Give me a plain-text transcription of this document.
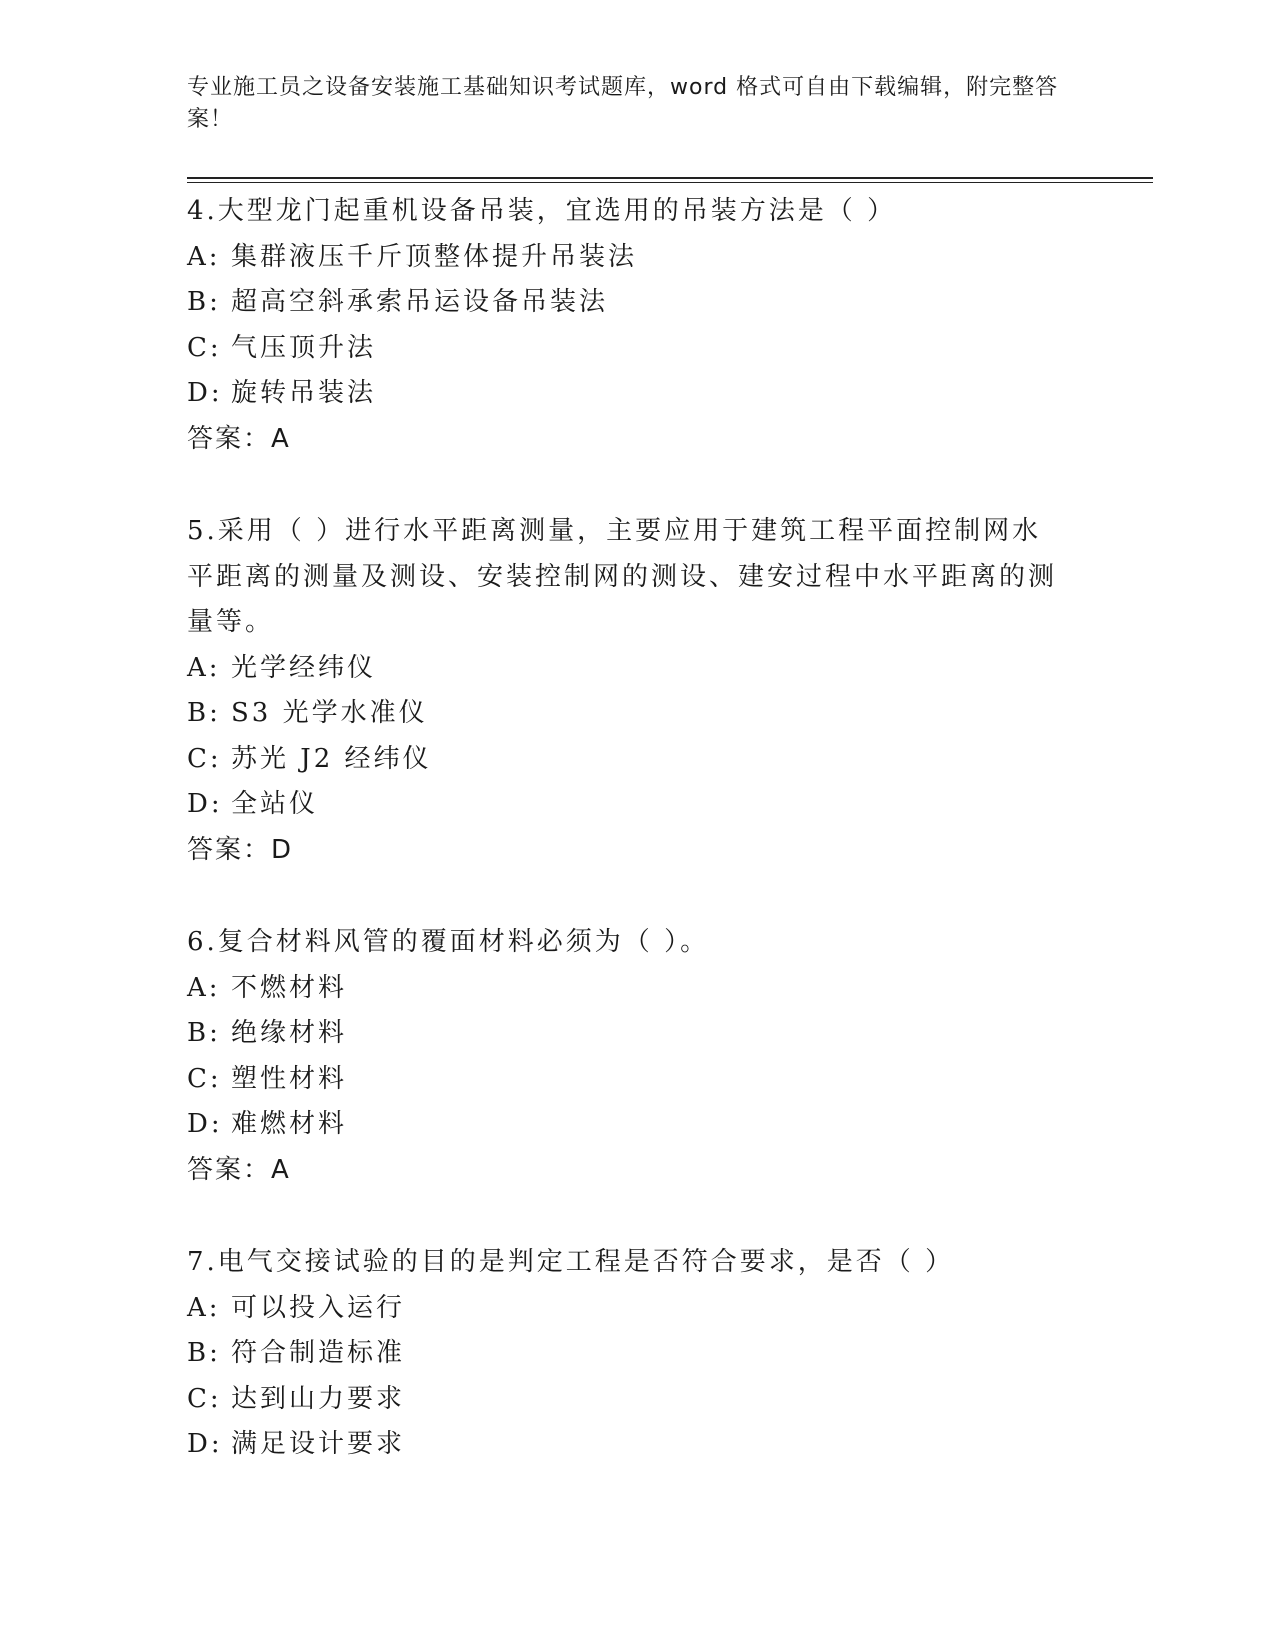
专业施工员之设备安装施工基础知识考试题库，word 格式可自由下载编辑，附完整答案！
4.大型龙门起重机设备吊装，宜选用的吊装方法是（ ）
A: 集群液压千斤顶整体提升吊装法
B: 超高空斜承索吊运设备吊装法
C: 气压顶升法
D: 旋转吊装法
答案：A
5.采用（ ）进行水平距离测量，主要应用于建筑工程平面控制网水平距离的测量及测设、安装控制网的测设、建安过程中水平距离的测量等。
A: 光学经纬仪
B: S3 光学水准仪
C: 苏光 J2 经纬仪
D: 全站仪
答案：D
6.复合材料风管的覆面材料必须为（ ）。
A: 不燃材料
B: 绝缘材料
C: 塑性材料
D: 难燃材料
答案：A
7.电气交接试验的目的是判定工程是否符合要求，是否（ ）
A: 可以投入运行
B: 符合制造标准
C: 达到山力要求
D: 满足设计要求
